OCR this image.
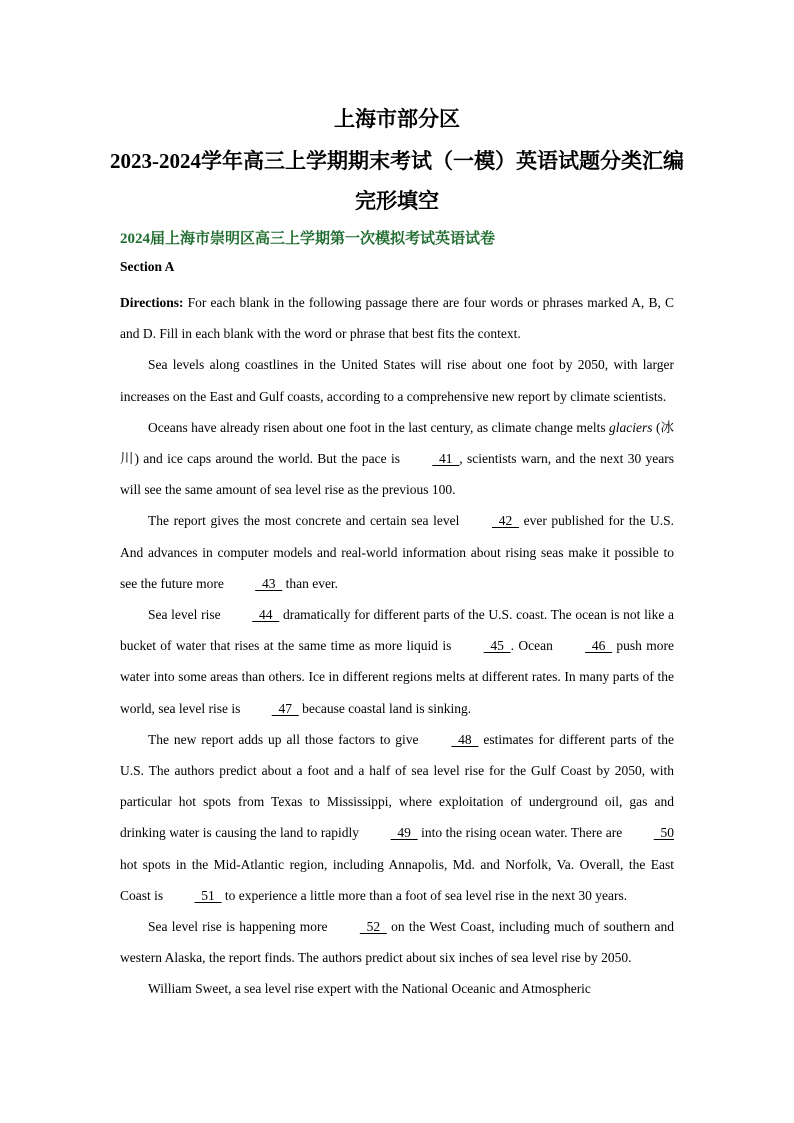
上海市部分区
2023-2024学年高三上学期期末考试（一模）英语试题分类汇编
完形填空
2024届上海市崇明区高三上学期第一次模拟考试英语试卷
Section A

Directions: For each blank in the following passage there are four words or phrases marked A, B, C and D. Fill in each blank with the word or phrase that best fits the context.

Sea levels along coastlines in the United States will rise about one foot by 2050, with larger increases on the East and Gulf coasts, according to a comprehensive new report by climate scientists.

Oceans have already risen about one foot in the last century, as climate change melts glaciers (冰川) and ice caps around the world. But the pace is   41  , scientists warn, and the next 30 years will see the same amount of sea level rise as the previous 100.

The report gives the most concrete and certain sea level   42   ever published for the U.S. And advances in computer models and real-world information about rising seas make it possible to see the future more   43   than ever.

Sea level rise   44   dramatically for different parts of the U.S. coast. The ocean is not like a bucket of water that rises at the same time as more liquid is   45  . Ocean   46   push more water into some areas than others. Ice in different regions melts at different rates. In many parts of the world, sea level rise is   47   because coastal land is sinking.

The new report adds up all those factors to give   48   estimates for different parts of the U.S. The authors predict about a foot and a half of sea level rise for the Gulf Coast by 2050, with particular hot spots from Texas to Mississippi, where exploitation of underground oil, gas and drinking water is causing the land to rapidly   49   into the rising ocean water. There are   50 hot spots in the Mid-Atlantic region, including Annapolis, Md. and Norfolk, Va. Overall, the East Coast is   51   to experience a little more than a foot of sea level rise in the next 30 years.

Sea level rise is happening more   52   on the West Coast, including much of southern and western Alaska, the report finds. The authors predict about six inches of sea level rise by 2050.

William Sweet, a sea level rise expert with the National Oceanic and Atmospheric
